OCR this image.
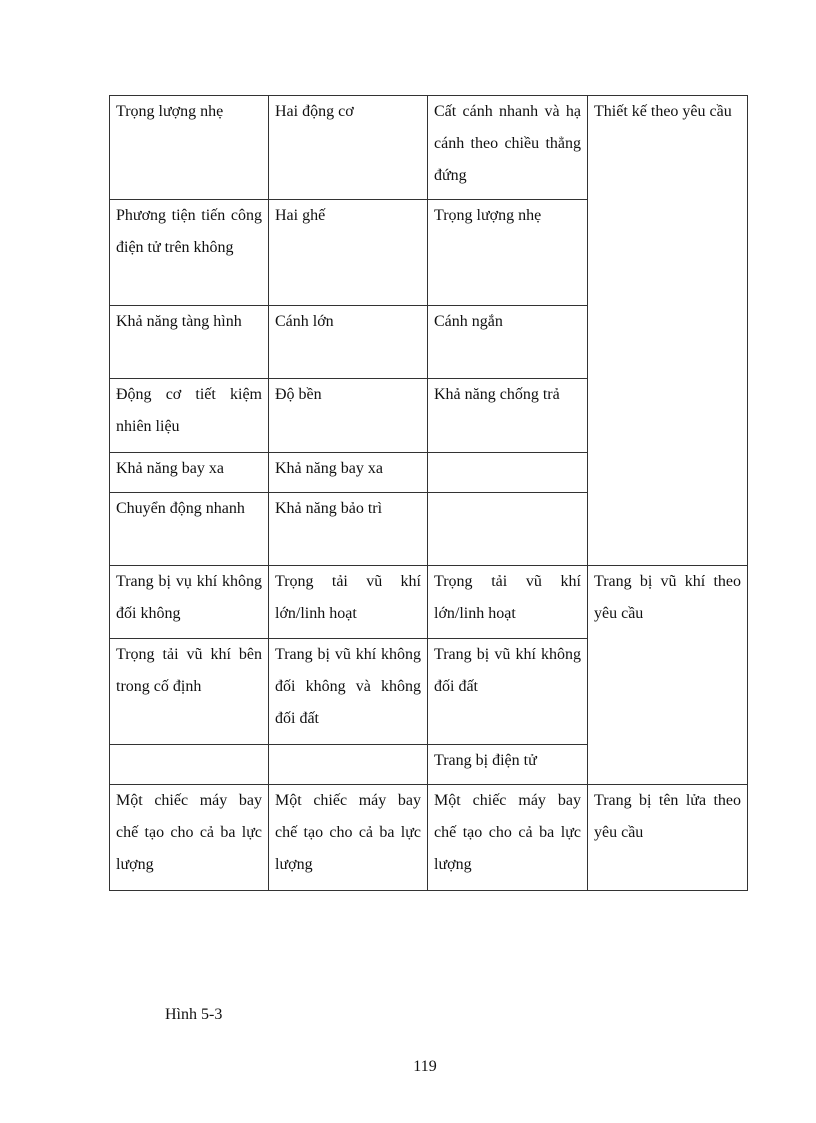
Trọng lượng nhẹ	Hai động cơ	Cất cánh nhanh và hạ cánh theo chiều thẳng đứng	Thiết kế theo yêu cầu
Phương tiện tiến công điện tử trên không	Hai ghế	Trọng lượng nhẹ	
Khả năng tàng hình	Cánh lớn	Cánh ngắn	
Động cơ tiết kiệm nhiên liệu	Độ bền	Khả năng chống trả	
Khả năng bay xa	Khả năng bay xa		
Chuyển động nhanh	Khả năng bảo trì		
Trang bị vụ khí không đối không	Trọng tải vũ khí lớn/linh hoạt	Trọng tải vũ khí lớn/linh hoạt	Trang bị vũ khí theo yêu cầu
Trọng tải vũ khí bên trong cố định	Trang bị vũ khí không đối không và không đối đất	Trang bị vũ khí không đối đất	
		Trang bị điện tử	
Một chiếc máy bay chế tạo cho cả ba lực lượng	Một chiếc máy bay chế tạo cho cả ba lực lượng	Một chiếc máy bay chế tạo cho cả ba lực lượng	Trang bị tên lửa theo yêu cầu
Hình 5-3
119
